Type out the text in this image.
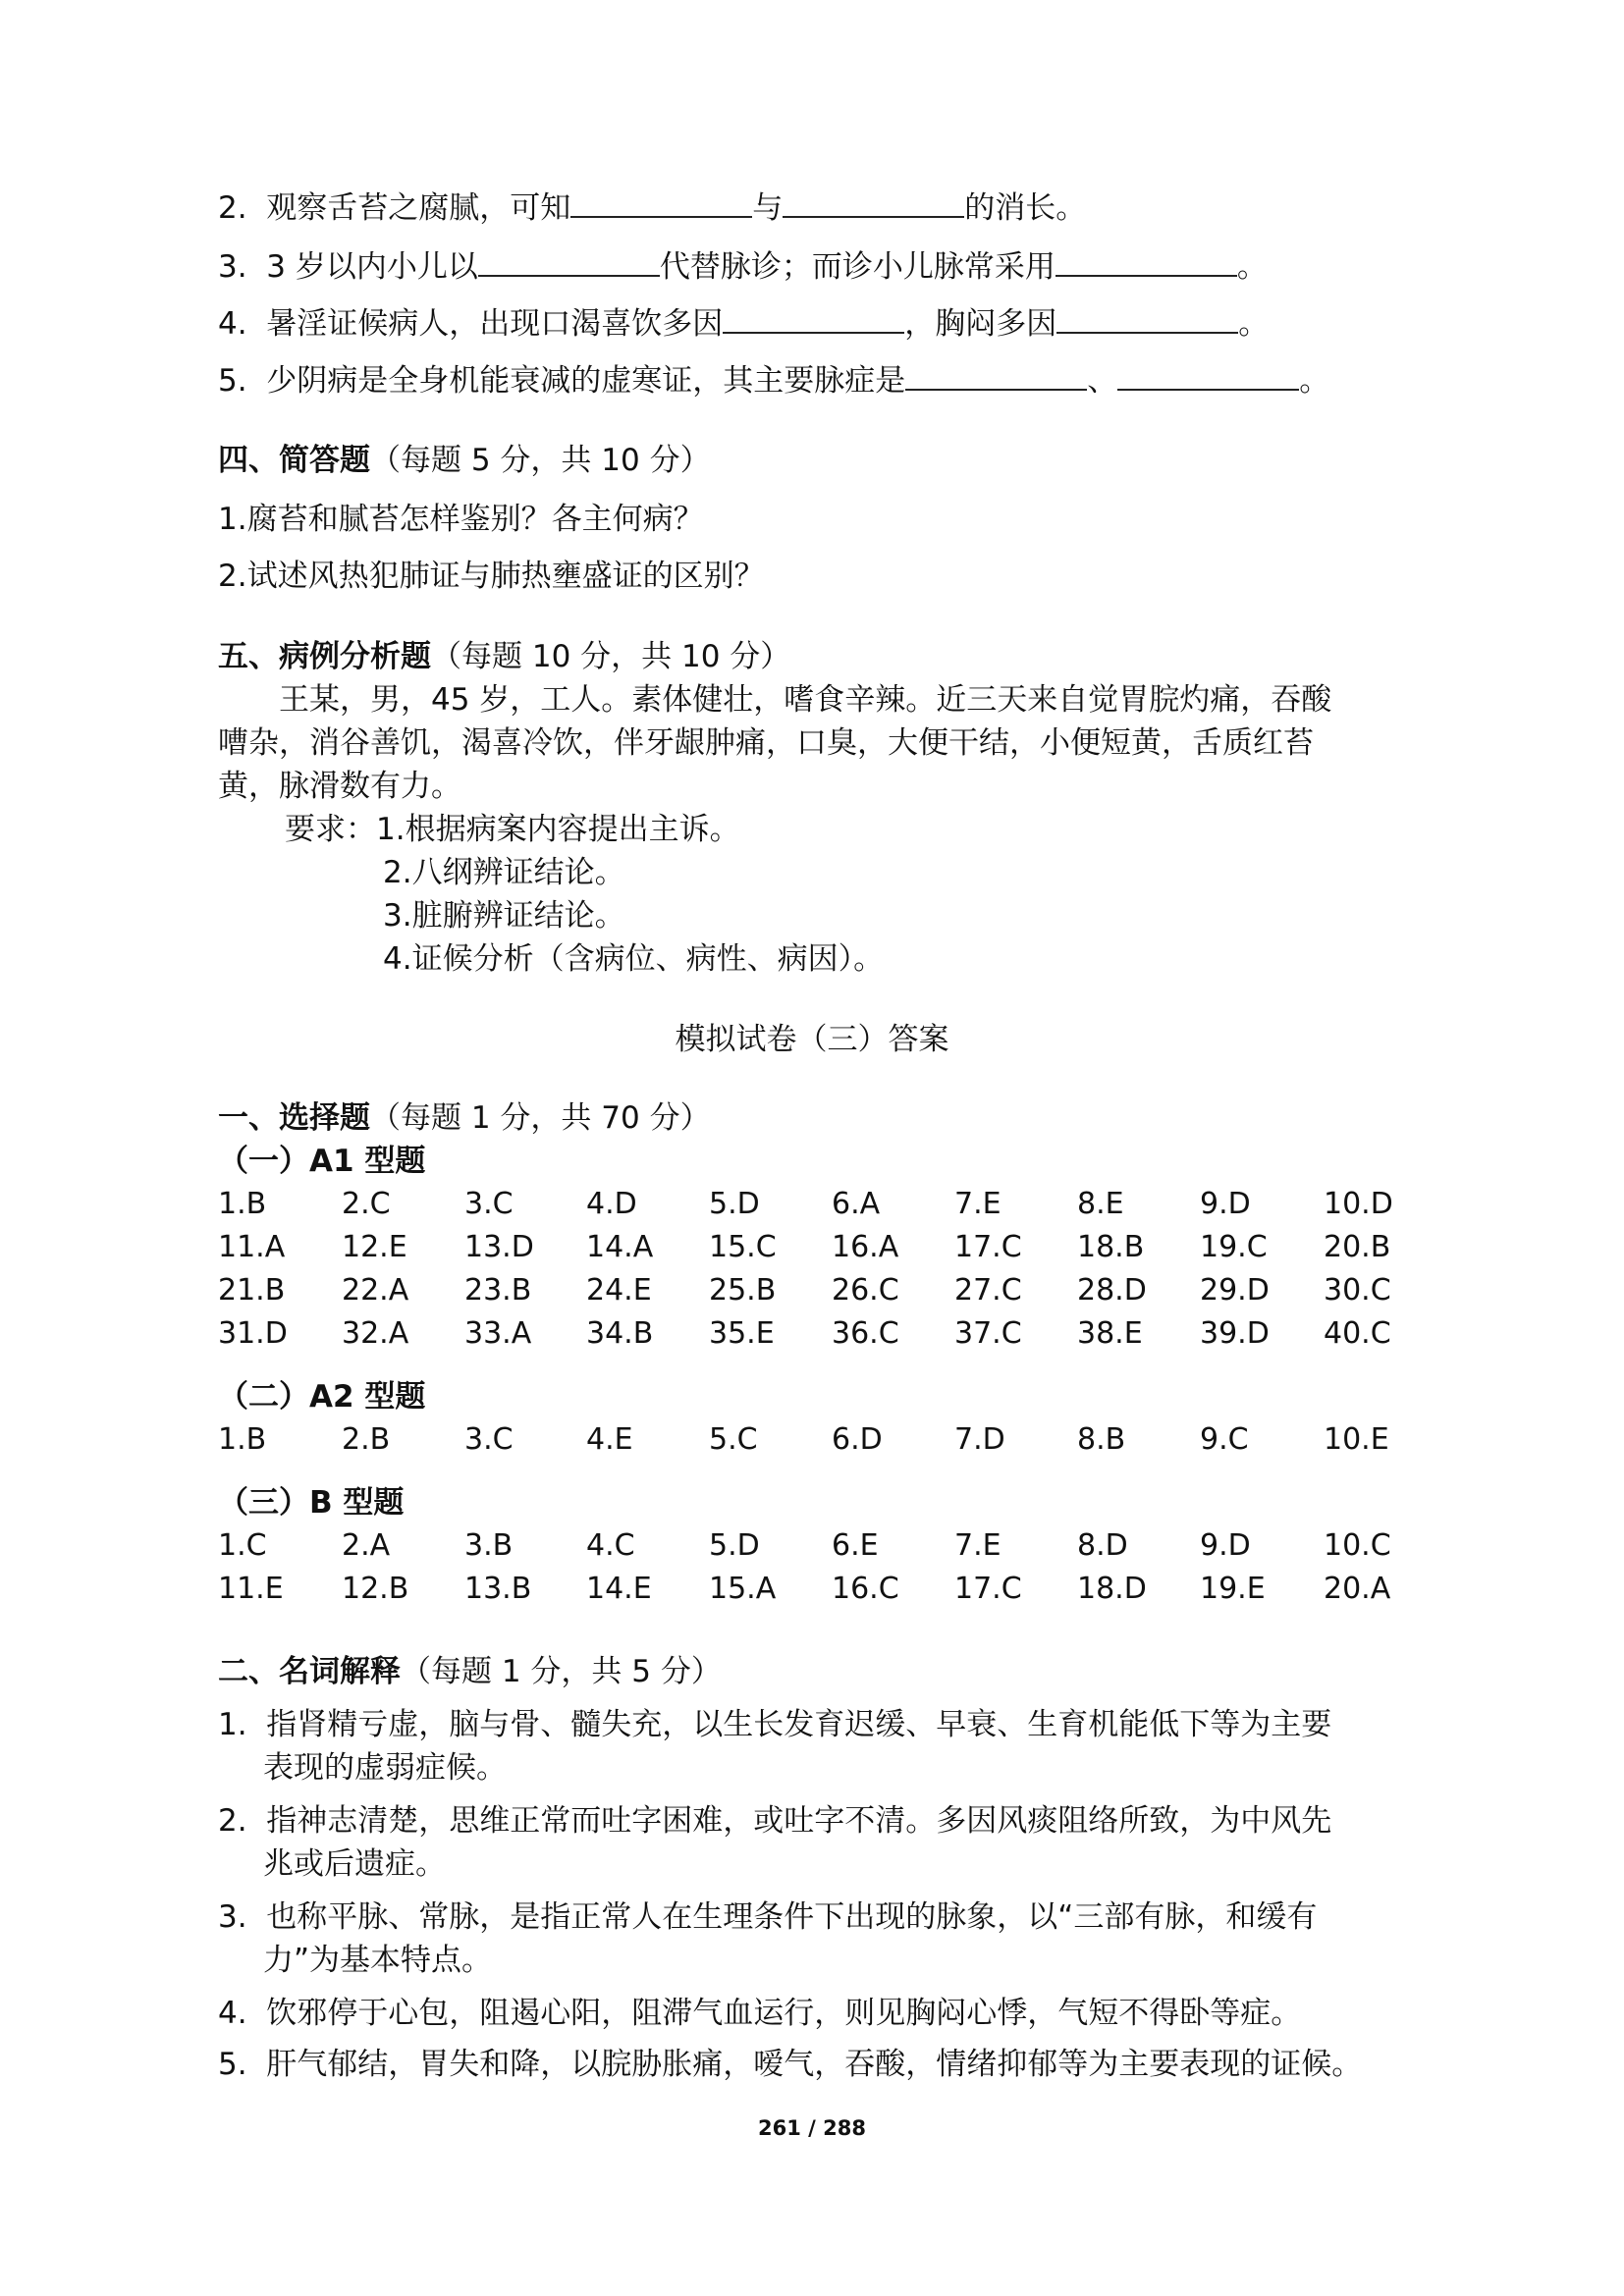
2. 观察舌苔之腐腻，可知	与	的消长。
3. 3 岁以内小儿以	代替脉诊；而诊小儿脉常采用	。
4. 暑淫证候病人，出现口渴喜饮多因	，胸闷多因	。
5. 少阴病是全身机能衰减的虚寒证，其主要脉症是	、	。
四、简答题（每题 5 分，共 10 分）
1.腐苔和腻苔怎样鉴别？各主何病？
2.试述风热犯肺证与肺热壅盛证的区别？
五、病例分析题（每题 10 分，共 10 分）
王某，男，45 岁，工人。素体健壮，嗜食辛辣。近三天来自觉胃脘灼痛，吞酸
嘈杂，消谷善饥，渴喜冷饮，伴牙龈肿痛，口臭，大便干结，小便短黄，舌质红苔
黄，脉滑数有力。
要求：1.根据病案内容提出主诉。
2.八纲辨证结论。
3.脏腑辨证结论。
4.证候分析（含病位、病性、病因）。
模拟试卷（三）答案
一、选择题（每题 1 分，共 70 分）
（一）A1 型题
1.B	2.C	3.C 4.D 5.D 6.A	7.E	8.E	9.D 10.D
11.A 12.E 13.D 14.A 15.C 16.A 17.C 18.B 19.C 20.B
21.B 22.A 23.B 24.E 25.B 26.C 27.C 28.D 29.D 30.C
31.D 32.A 33.A 34.B 35.E 36.C 37.C 38.E 39.D 40.C
（二）A2 型题
1.B	2.B	3.C 4.E	5.C	6.D 7.D 8.B	9.C	10.E
（三）B 型题
1.C	2.A	3.B 4.C	5.D 6.E	7.E	8.D 9.D 10.C
11.E 12.B 13.B 14.E 15.A 16.C 17.C 18.D 19.E 20.A
二、名词解释（每题 1 分，共 5 分）
1. 指肾精亏虚，脑与骨、髓失充，以生长发育迟缓、早衰、生育机能低下等为主要
表现的虚弱症候。
2. 指神志清楚，思维正常而吐字困难，或吐字不清。多因风痰阻络所致，为中风先
兆或后遗症。
3. 也称平脉、常脉，是指正常人在生理条件下出现的脉象，以“三部有脉，和缓有
力”为基本特点。
4. 饮邪停于心包，阻遏心阳，阻滞气血运行，则见胸闷心悸，气短不得卧等症。
5. 肝气郁结，胃失和降，以脘胁胀痛，嗳气，吞酸，情绪抑郁等为主要表现的证候。
261 / 288
